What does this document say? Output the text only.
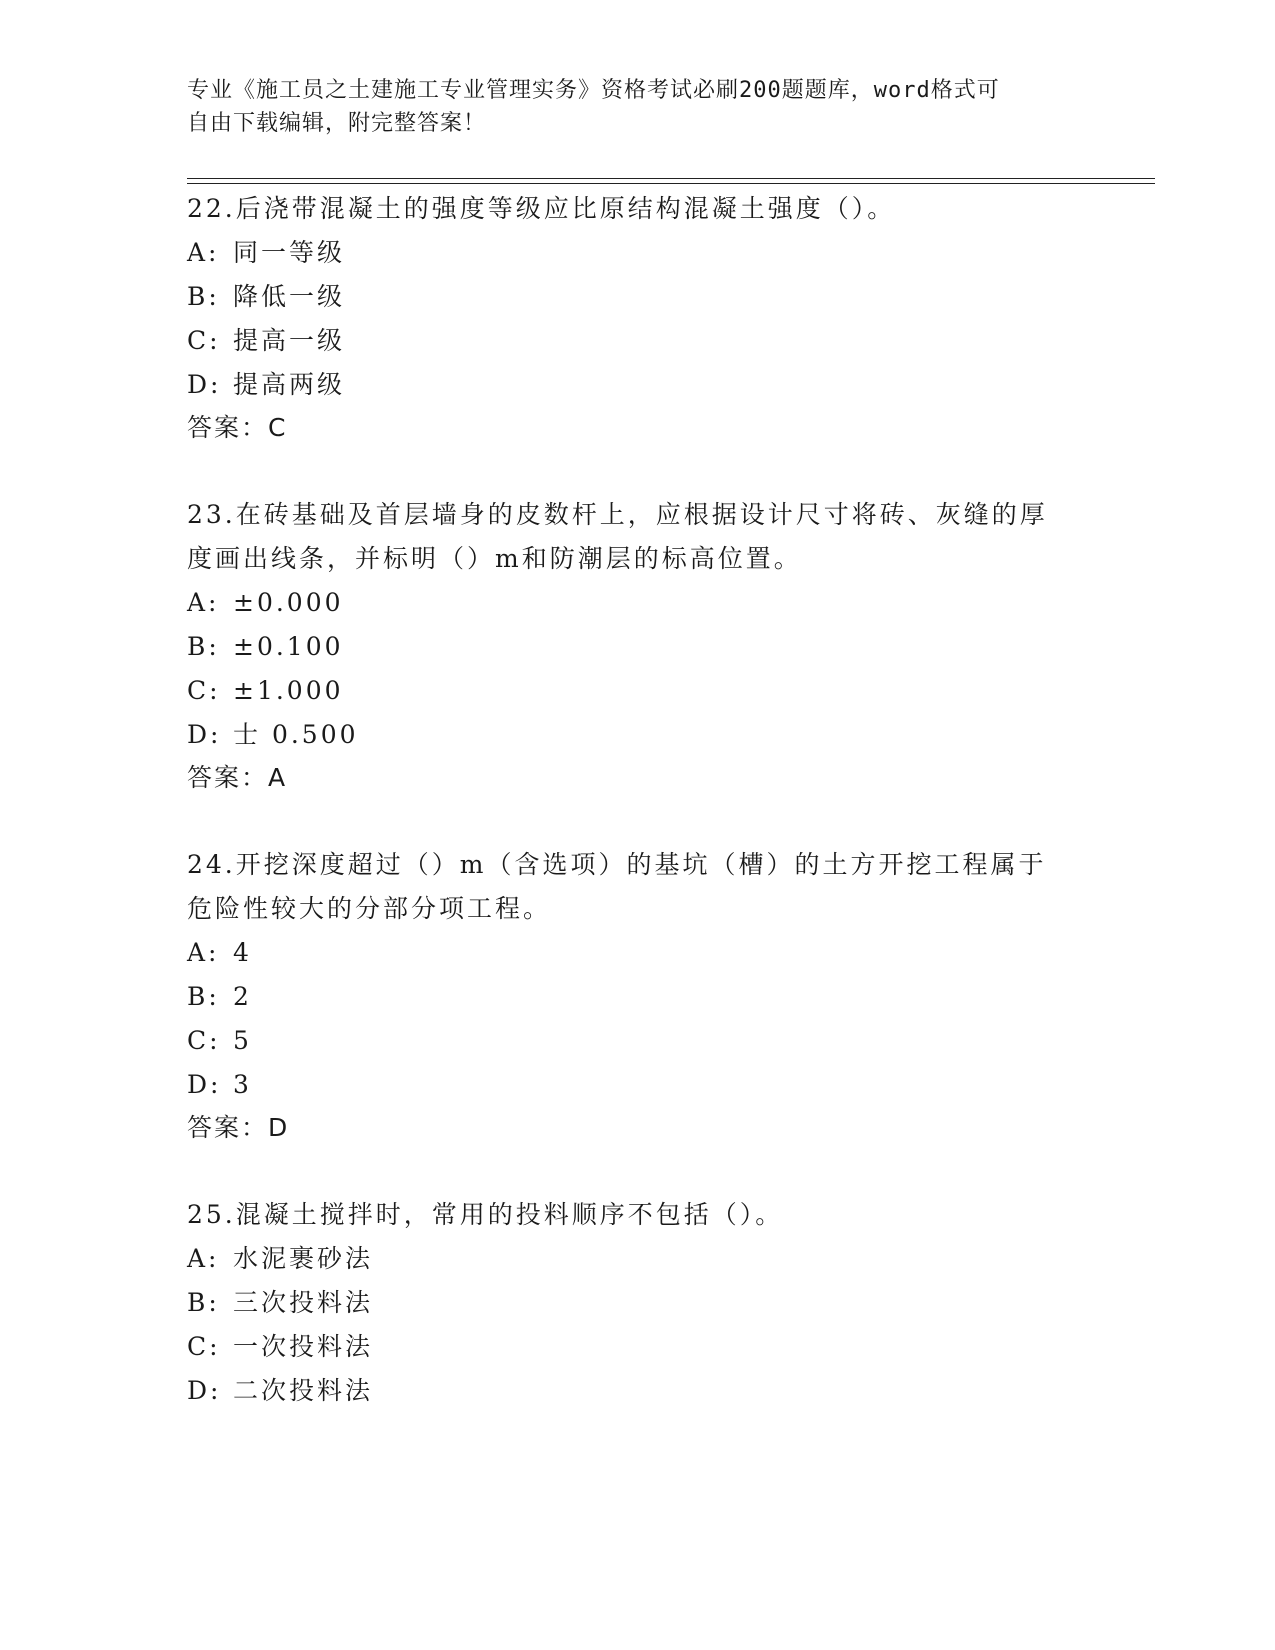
专业《施工员之土建施工专业管理实务》资格考试必刷200题题库，word格式可
自由下载编辑，附完整答案！
22.后浇带混凝土的强度等级应比原结构混凝土强度（）。
A: 同一等级
B: 降低一级
C: 提高一级
D: 提高两级
答案：C
23.在砖基础及首层墙身的皮数杆上，应根据设计尺寸将砖、灰缝的厚
度画出线条，并标明（）m和防潮层的标高位置。
A: ±0.000
B: ±0.100
C: ±1.000
D: 士 0.500
答案：A
24.开挖深度超过（）m（含选项）的基坑（槽）的土方开挖工程属于
危险性较大的分部分项工程。
A: 4
B: 2
C: 5
D: 3
答案：D
25.混凝土搅拌时，常用的投料顺序不包括（）。
A: 水泥裹砂法
B: 三次投料法
C: 一次投料法
D: 二次投料法
